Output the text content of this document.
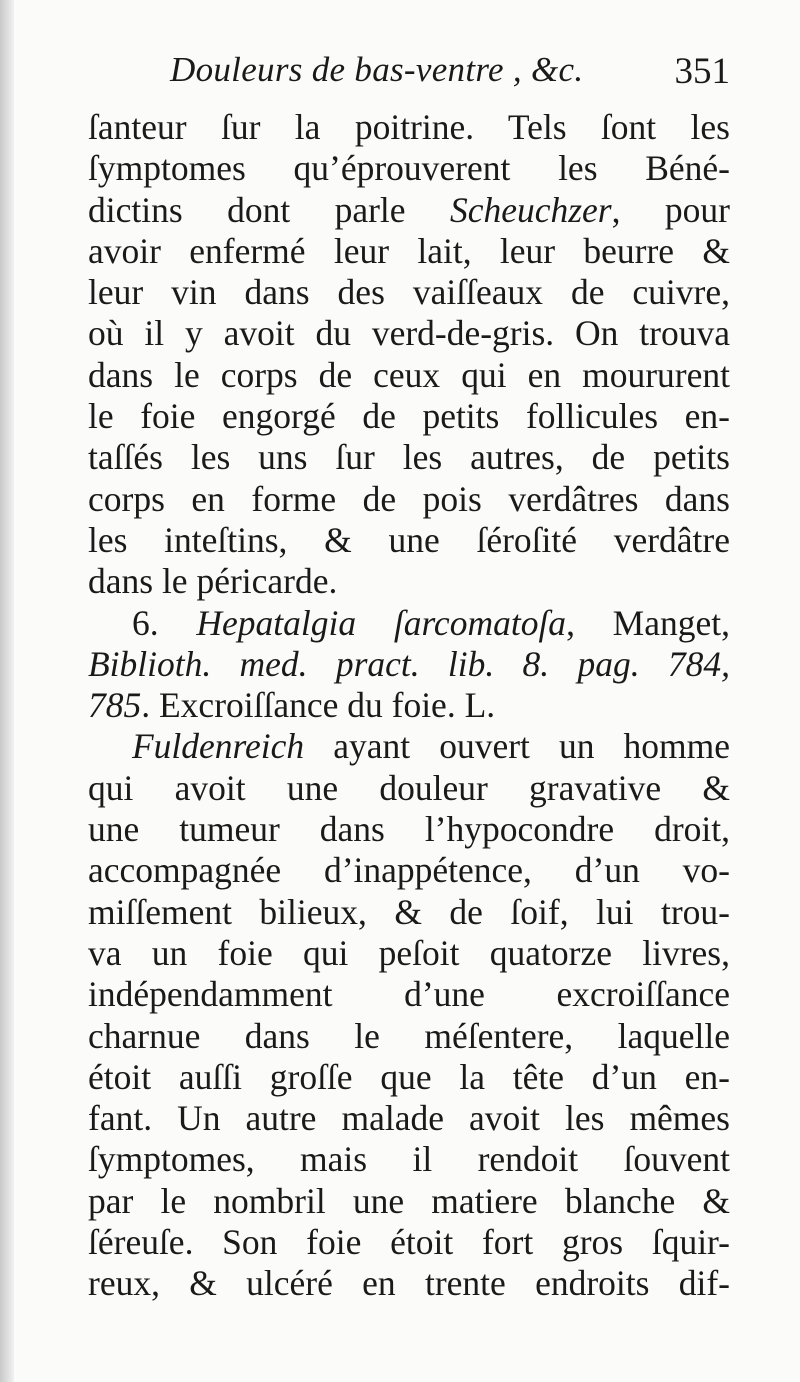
Douleurs de bas-ventre , &c. 351
ſanteur ſur la poitrine. Tels ſont les
ſymptomes qu’éprouverent les Béné-
dictins dont parle Scheuchzer, pour
avoir enfermé leur lait, leur beurre &
leur vin dans des vaiſſeaux de cuivre,
où il y avoit du verd-de-gris. On trouva
dans le corps de ceux qui en moururent
le foie engorgé de petits follicules en-
taſſés les uns ſur les autres, de petits
corps en forme de pois verdâtres dans
les inteſtins, & une ſéroſité verdâtre
dans le péricarde.
6. Hepatalgia ſarcomatoſa, Manget,
Biblioth. med. pract. lib. 8. pag. 784,
785. Excroiſſance du foie. L.
Fuldenreich ayant ouvert un homme
qui avoit une douleur gravative &
une tumeur dans l’hypocondre droit,
accompagnée d’inappétence, d’un vo-
miſſement bilieux, & de ſoif, lui trou-
va un foie qui peſoit quatorze livres,
indépendamment d’une excroiſſance
charnue dans le méſentere, laquelle
étoit auſſi groſſe que la tête d’un en-
fant. Un autre malade avoit les mêmes
ſymptomes, mais il rendoit ſouvent
par le nombril une matiere blanche &
ſéreuſe. Son foie étoit fort gros ſquir-
reux, & ulcéré en trente endroits dif-
